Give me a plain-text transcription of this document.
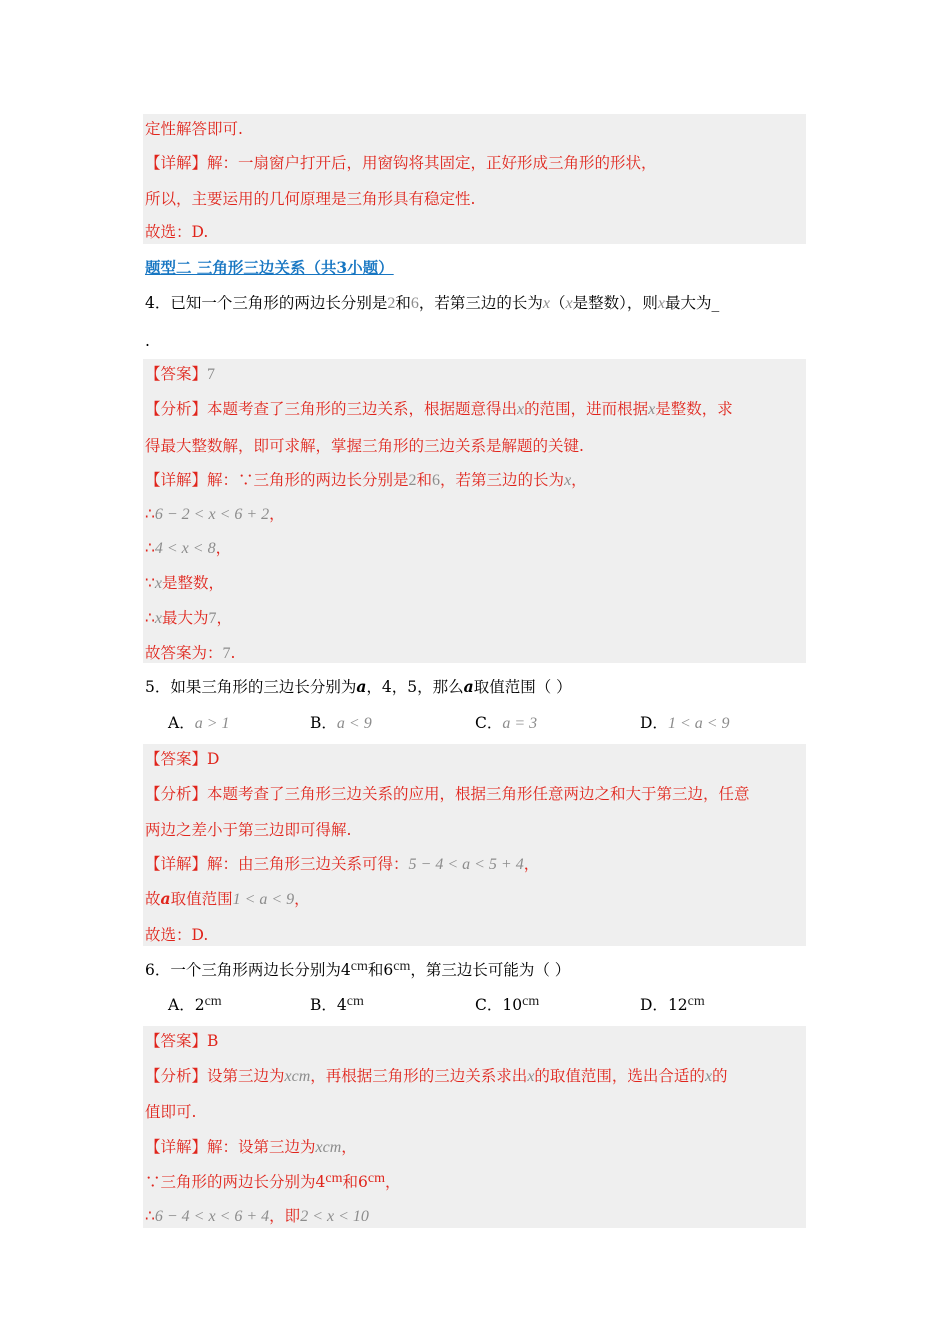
定性解答即可.
【详解】解：一扇窗户打开后，用窗钩将其固定，正好形成三角形的形状，
所以，主要运用的几何原理是三角形具有稳定性.
故选：D.
题型二 三角形三边关系（共3小题）
4．已知一个三角形的两边长分别是2和6，若第三边的长为x（x是整数），则x最大为_
.
【答案】7
【分析】本题考查了三角形的三边关系，根据题意得出x的范围，进而根据x是整数，求
得最大整数解，即可求解，掌握三角形的三边关系是解题的关键.
【详解】解：∵三角形的两边长分别是2和6，若第三边的长为x，
∴6 − 2 < x < 6 + 2，
∴4 < x < 8，
∵x是整数，
∴x最大为7，
故答案为：7.
5．如果三角形的三边长分别为a，4，5，那么a取值范围（ ）
A．a > 1	B．a < 9	C．a = 3	D．1 < a < 9
【答案】D
【分析】本题考查了三角形三边关系的应用，根据三角形任意两边之和大于第三边，任意
两边之差小于第三边即可得解.
【详解】解：由三角形三边关系可得：5 − 4 < a < 5 + 4，
故a取值范围1 < a < 9，
故选：D.
6．一个三角形两边长分别为4cm和6cm，第三边长可能为（ ）
A．2cm	B．4cm	C．10cm	D．12cm
【答案】B
【分析】设第三边为xcm，再根据三角形的三边关系求出x的取值范围，选出合适的x的
值即可.
【详解】解：设第三边为xcm，
∵三角形的两边长分别为4cm和6cm，
∴6 − 4 < x < 6 + 4，即2 < x < 10
